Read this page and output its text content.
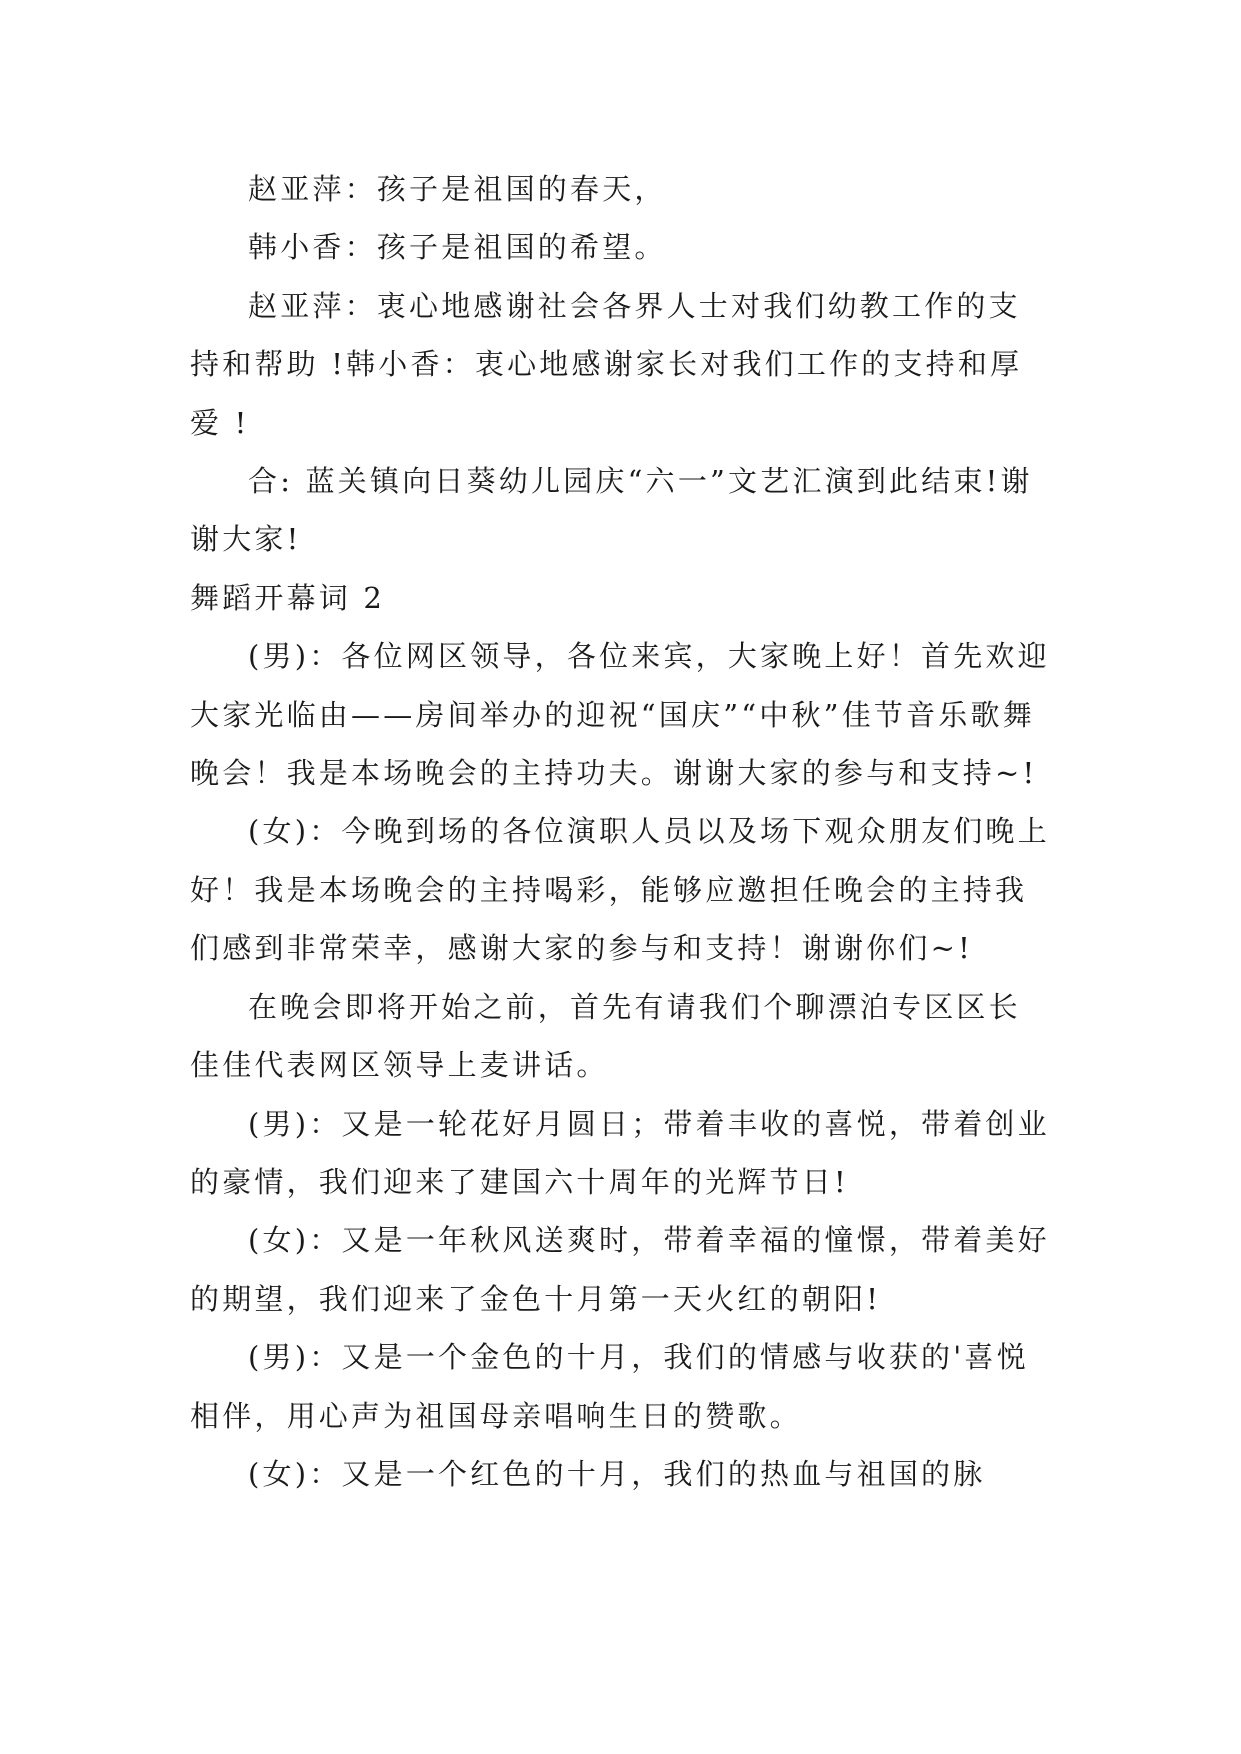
赵亚萍：孩子是祖国的春天，

韩小香：孩子是祖国的希望。

赵亚萍：衷心地感谢社会各界人士对我们幼教工作的支持和帮助 !韩小香：衷心地感谢家长对我们工作的支持和厚爱 !

合: 蓝关镇向日葵幼儿园庆“六一”文艺汇演到此结束!谢谢大家!

舞蹈开幕词 2

(男)：各位网区领导，各位来宾，大家晚上好！首先欢迎大家光临由——房间举办的迎祝“国庆”“中秋”佳节音乐歌舞晚会！我是本场晚会的主持功夫。谢谢大家的参与和支持~!

(女)：今晚到场的各位演职人员以及场下观众朋友们晚上好！我是本场晚会的主持喝彩，能够应邀担任晚会的主持我们感到非常荣幸，感谢大家的参与和支持！谢谢你们~!

在晚会即将开始之前，首先有请我们个聊漂泊专区区长佳佳代表网区领导上麦讲话。

(男)：又是一轮花好月圆日；带着丰收的喜悦，带着创业的豪情，我们迎来了建国六十周年的光辉节日!

(女)：又是一年秋风送爽时，带着幸福的憧憬，带着美好的期望，我们迎来了金色十月第一天火红的朝阳!

(男)：又是一个金色的十月，我们的情感与收获的'喜悦相伴，用心声为祖国母亲唱响生日的赞歌。

(女)：又是一个红色的十月，我们的热血与祖国的脉
